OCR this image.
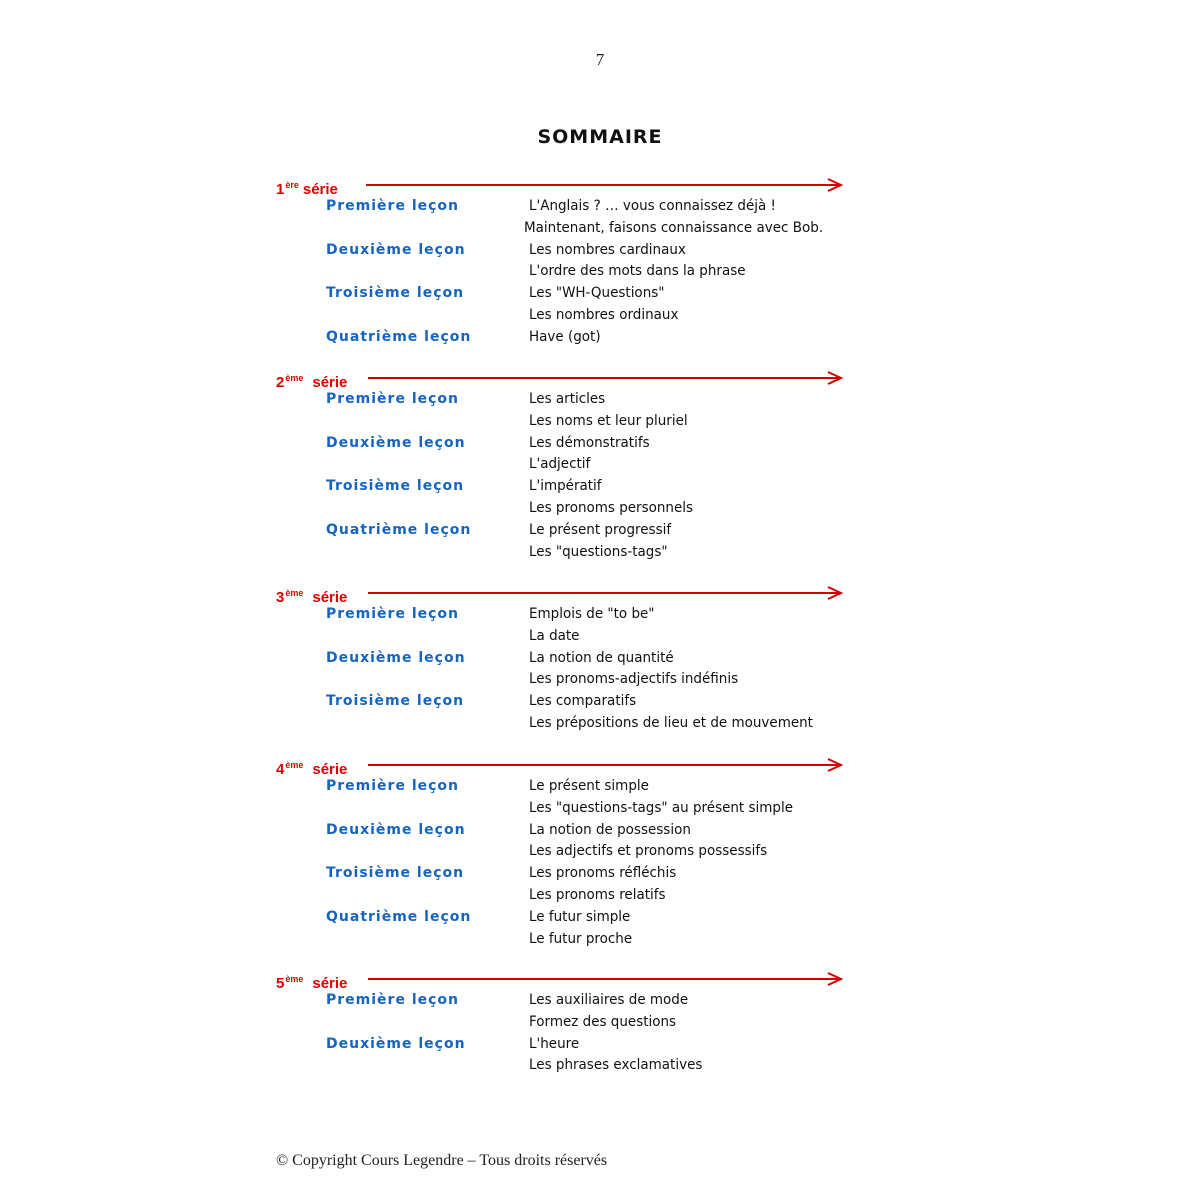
7
SOMMAIRE
1ère série
Première leçon	L'Anglais ? … vous connaissez déjà !
Maintenant, faisons connaissance avec Bob.
Deuxième leçon	Les nombres cardinaux
L'ordre des mots dans la phrase
Troisième leçon	Les "WH-Questions"
Les nombres ordinaux
Quatrième leçon	Have (got)
2ème série
Première leçon	Les articles
Les noms et leur pluriel
Deuxième leçon	Les démonstratifs
L'adjectif
Troisième leçon	L'impératif
Les pronoms personnels
Quatrième leçon	Le présent progressif
Les "questions-tags"
3ème série
Première leçon	Emplois de "to be"
La date
Deuxième leçon	La notion de quantité
Les pronoms-adjectifs indéfinis
Troisième leçon	Les comparatifs
Les prépositions de lieu et de mouvement
4ème série
Première leçon	Le présent simple
Les "questions-tags" au présent simple
Deuxième leçon	La notion de possession
Les adjectifs et pronoms possessifs
Troisième leçon	Les pronoms réfléchis
Les pronoms relatifs
Quatrième leçon	Le futur simple
Le futur proche
5ème série
Première leçon	Les auxiliaires de mode
Formez des questions
Deuxième leçon	L'heure
Les phrases exclamatives
© Copyright Cours Legendre – Tous droits réservés
